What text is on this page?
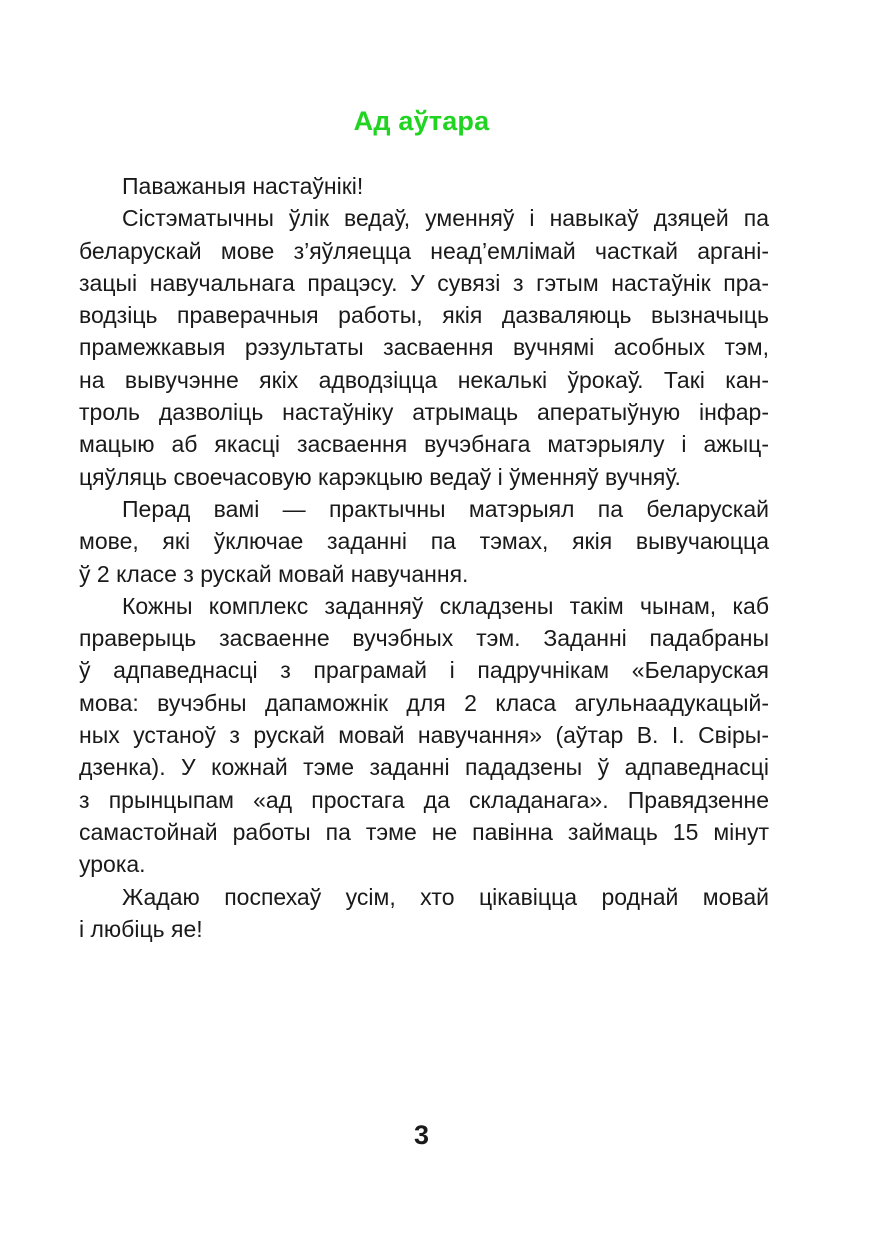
Ад аўтара
Паважаныя настаўнікі!
Сістэматычны ўлік ведаў, уменняў і навыкаў дзяцей па
беларускай мове з’яўляецца неад’емлімай часткай аргані-
зацыі навучальнага працэсу. У сувязі з гэтым настаўнік пра-
водзіць праверачныя работы, якія дазваляюць вызначыць
прамежкавыя рэзультаты засваення вучнямі асобных тэм,
на вывучэнне якіх адводзіцца некалькі ўрокаў. Такі кан-
троль дазволіць настаўніку атрымаць аператыўную інфар-
мацыю аб якасці засваення вучэбнага матэрыялу і ажыц-
цяўляць своечасовую карэкцыю ведаў і ўменняў вучняў.
Перад вамі — практычны матэрыял па беларускай
мове, які ўключае заданні па тэмах, якія вывучаюцца
ў 2 класе з рускай мовай навучання.
Кожны комплекс заданняў складзены такім чынам, каб
праверыць засваенне вучэбных тэм. Заданні падабраны
ў адпаведнасці з праграмай і падручнікам «Беларуская
мова: вучэбны дапаможнік для 2 класа агульнаадукацый-
ных устаноў з рускай мовай навучання» (аўтар В. І. Свіры-
дзенка). У кожнай тэме заданні пададзены ў адпаведнасці
з прынцыпам «ад простага да складанага». Правядзенне
самастойнай работы па тэме не павінна займаць 15 мінут
урока.
Жадаю поспехаў усім, хто цікавіцца роднай мовай
і любіць яе!
3
